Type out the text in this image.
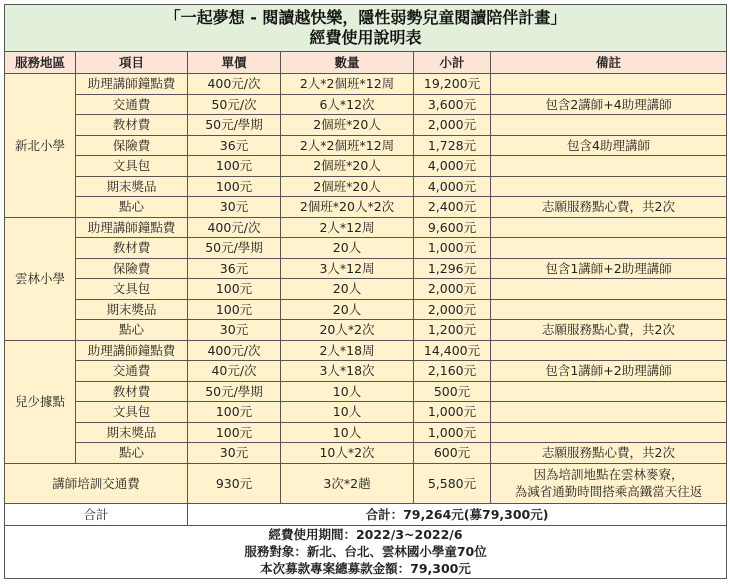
「一起夢想 - 閱讀越快樂，隱性弱勢兒童閱讀陪伴計畫」
經費使用說明表					

服務地區	項目	單價	數量	小計	備註
新北小學	助理講師鐘點費	400元/次	2人*2個班*12周	19,200元	
	交通費	50元/次	6人*12次	3,600元	包含2講師+4助理講師
	教材費	50元/學期	2個班*20人	2,000元	
	保險費	36元	2人*2個班*12周	1,728元	包含4助理講師
	文具包	100元	2個班*20人	4,000元	
	期末獎品	100元	2個班*20人	4,000元	
	點心	30元	2個班*20人*2次	2,400元	志願服務點心費，共2次
雲林小學	助理講師鐘點費	400元/次	2人*12周	9,600元	
	教材費	50元/學期	20人	1,000元	
	保險費	36元	3人*12周	1,296元	包含1講師+2助理講師
	文具包	100元	20人	2,000元	
	期末獎品	100元	20人	2,000元	
	點心	30元	20人*2次	1,200元	志願服務點心費，共2次
兒少據點	助理講師鐘點費	400元/次	2人*18周	14,400元	
	交通費	40元/次	3人*18次	2,160元	包含1講師+2助理講師
	教材費	50元/學期	10人	500元	
	文具包	100元	10人	1,000元	
	期末獎品	100元	10人	1,000元	
	點心	30元	10人*2次	600元	志願服務點心費，共2次
講師培訓交通費		930元	3次*2趟	5,580元	因為培訓地點在雲林麥寮，
為減省通勤時間搭乘高鐵當天往返

合計		合計：79,264元(募79,300元)			

經費使用期間：2022/3~2022/6
服務對象：新北、台北、雲林國小學童70位
本次募款專案總募款金額：79,300元					
